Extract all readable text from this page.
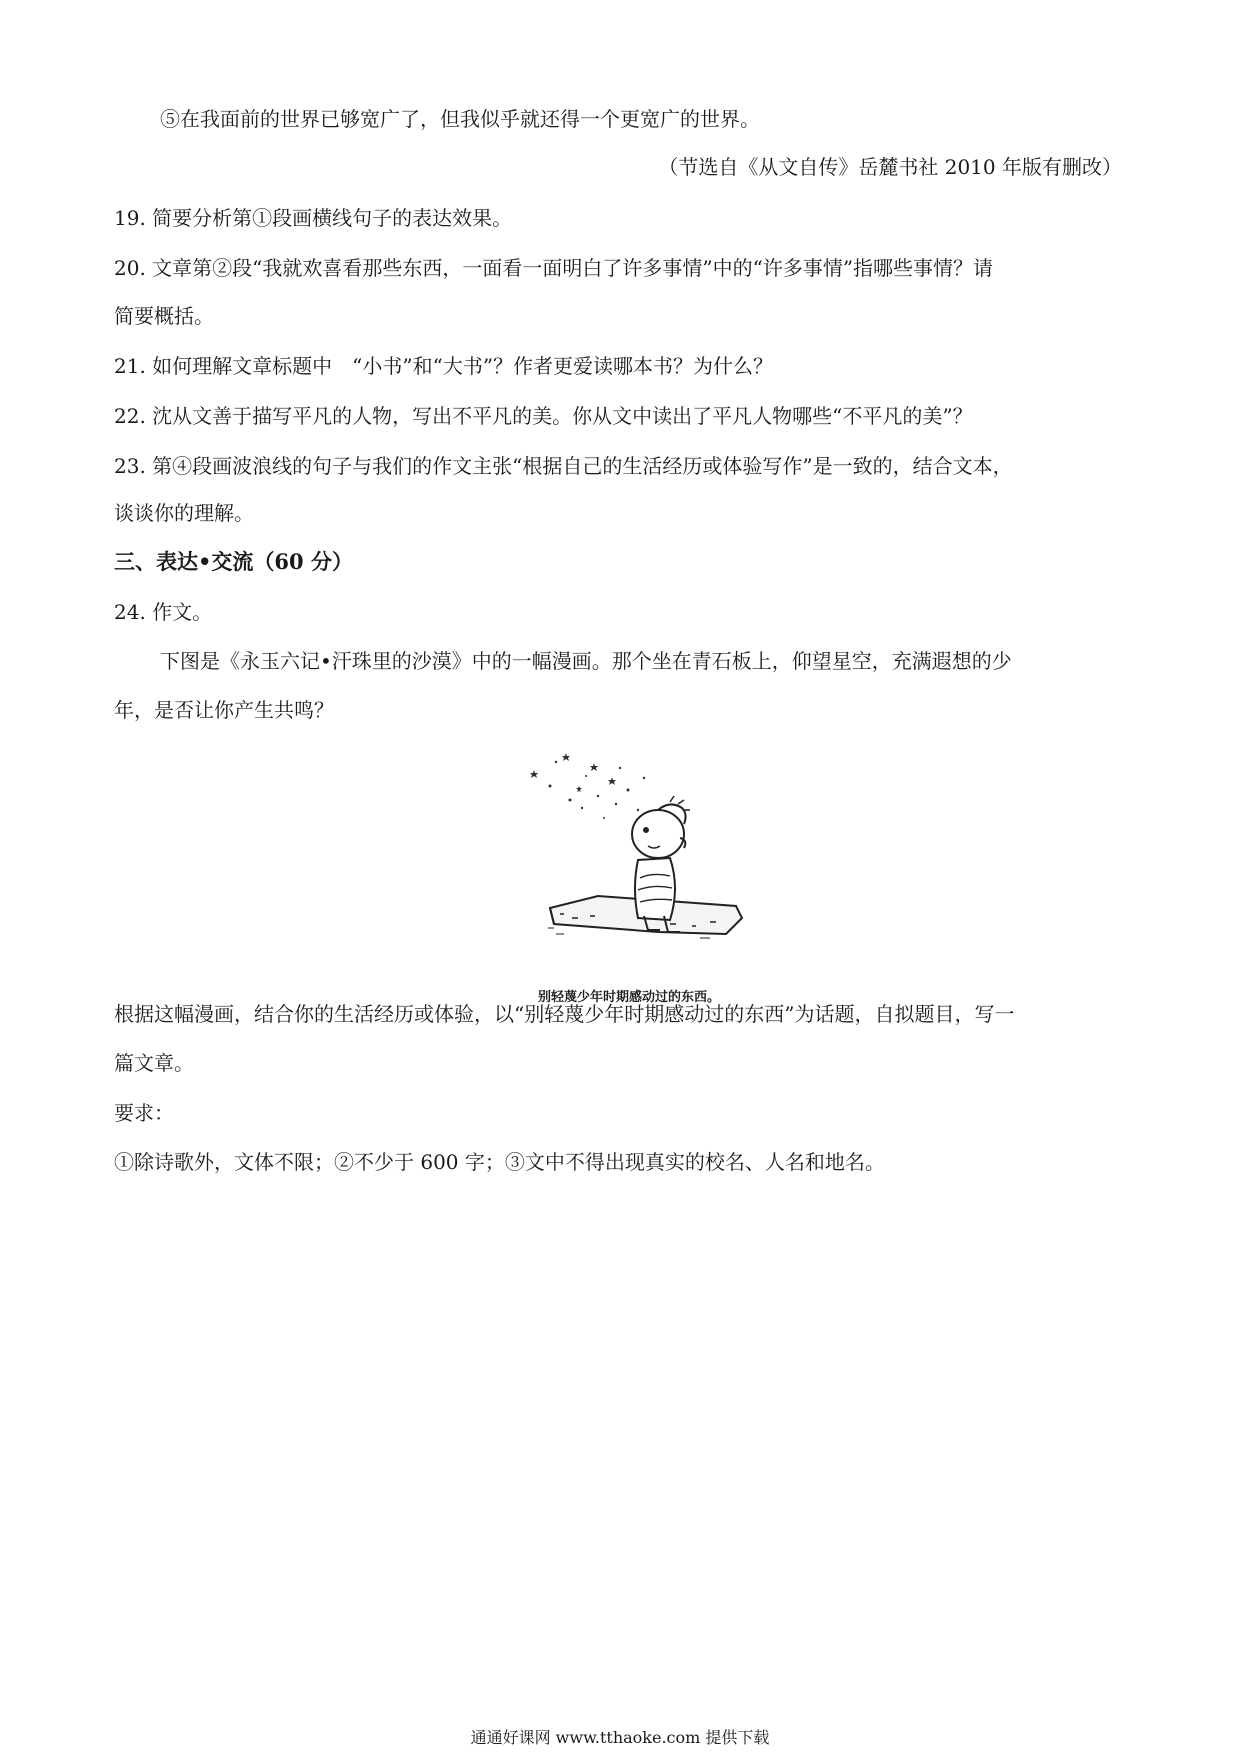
⑤在我面前的世界已够宽广了，但我似乎就还得一个更宽广的世界。
（节选自《从文自传》岳麓书社 2010 年版有删改）
19. 简要分析第①段画横线句子的表达效果。
20. 文章第②段“我就欢喜看那些东西，一面看一面明白了许多事情”中的“许多事情”指哪些事情？请
简要概括。
21. 如何理解文章标题中　“小书”和“大书”？作者更爱读哪本书？为什么？
22. 沈从文善于描写平凡的人物，写出不平凡的美。你从文中读出了平凡人物哪些“不平凡的美”？
23. 第④段画波浪线的句子与我们的作文主张“根据自己的生活经历或体验写作”是一致的，结合文本，
谈谈你的理解。
三、表达•交流（60 分）
24. 作文。
下图是《永玉六记•汗珠里的沙漠》中的一幅漫画。那个坐在青石板上，仰望星空，充满遐想的少
年，是否让你产生共鸣？
别轻蔑少年时期感动过的东西。
根据这幅漫画，结合你的生活经历或体验，以“别轻蔑少年时期感动过的东西”为话题，自拟题目，写一
篇文章。
要求：
①除诗歌外，文体不限；②不少于 600 字；③文中不得出现真实的校名、人名和地名。
通通好课网 www.tthaoke.com 提供下载
